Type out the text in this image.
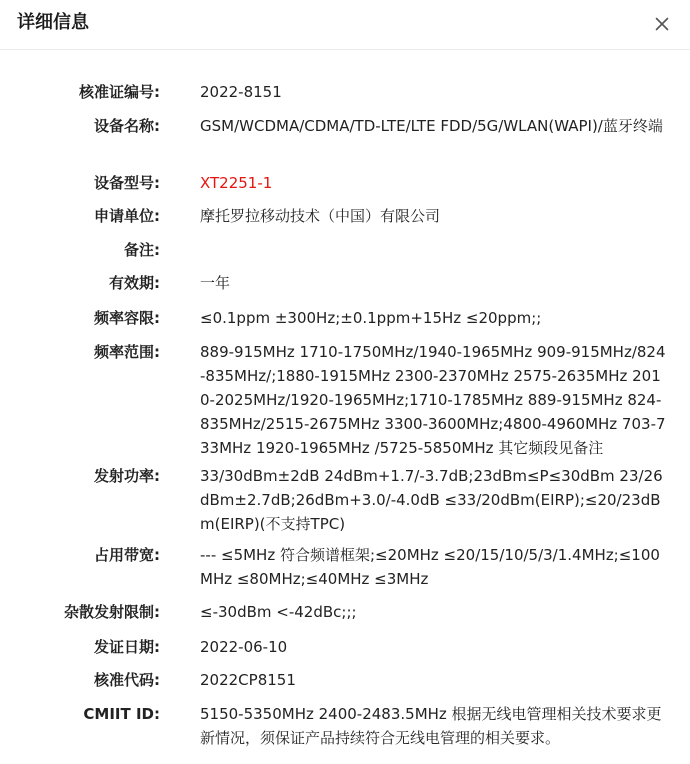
详细信息
核准证编号:	2022-8151
设备名称:	GSM/WCDMA/CDMA/TD-LTE/LTE FDD/5G/WLAN(WAPI)/蓝牙终端
设备型号:	XT2251-1
申请单位:	摩托罗拉移动技术（中国）有限公司
备注:
有效期:	一年
频率容限:	≤0.1ppm ±300Hz;±0.1ppm+15Hz ≤20ppm;;
频率范围:	889-915MHz 1710-1750MHz/1940-1965MHz 909-915MHz/824-835MHz/;1880-1915MHz 2300-2370MHz 2575-2635MHz 2010-2025MHz/1920-1965MHz;1710-1785MHz 889-915MHz 824-835MHz/2515-2675MHz 3300-3600MHz;4800-4960MHz 703-733MHz 1920-1965MHz /5725-5850MHz 其它频段见备注
发射功率:	33/30dBm±2dB 24dBm+1.7/-3.7dB;23dBm≤P≤30dBm 23/26dBm±2.7dB;26dBm+3.0/-4.0dB ≤33/20dBm(EIRP);≤20/23dBm(EIRP)(不支持TPC)
占用带宽:	--- ≤5MHz 符合频谱框架;≤20MHz ≤20/15/10/5/3/1.4MHz;≤100MHz ≤80MHz;≤40MHz ≤3MHz
杂散发射限制:	≤-30dBm <-42dBc;;;
发证日期:	2022-06-10
核准代码:	2022CP8151
CMIIT ID:	5150-5350MHz 2400-2483.5MHz 根据无线电管理相关技术要求更新情况，须保证产品持续符合无线电管理的相关要求。
